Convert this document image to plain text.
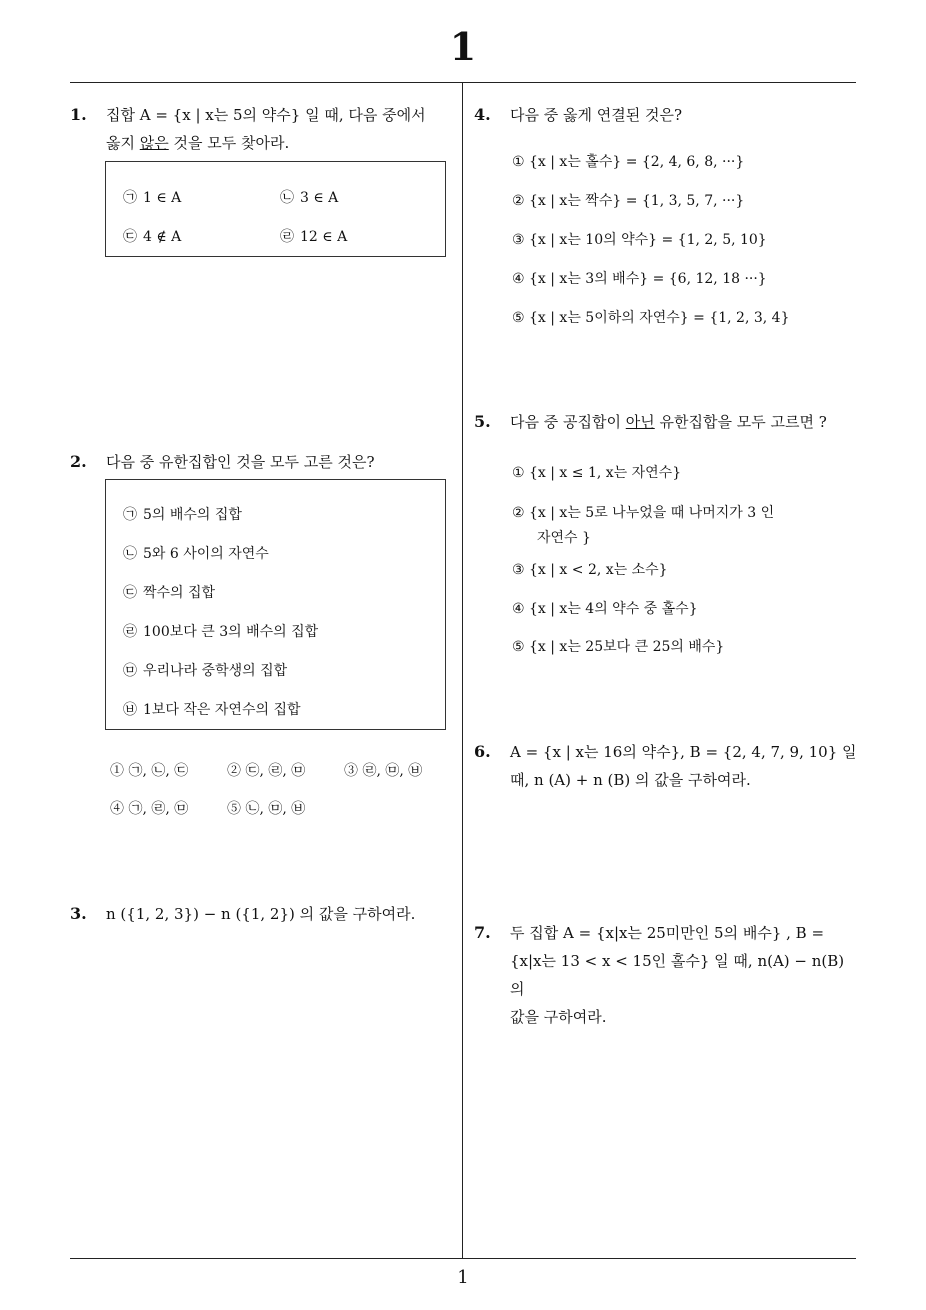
1
1
1. 집합 A = {x | x는 5의 약수} 일 때, 다음 중에서
옳지 않은 것을 모두 찾아라.
㉠ 1 ∈ A	㉡ 3 ∈ A
㉢ 4 ∉ A	㉣ 12 ∈ A
2. 다음 중 유한집합인 것을 모두 고른 것은?
㉠ 5의 배수의 집합
㉡ 5와 6 사이의 자연수
㉢ 짝수의 집합
㉣ 100보다 큰 3의 배수의 집합
㉤ 우리나라 중학생의 집합
㉥ 1보다 작은 자연수의 집합
① ㉠, ㉡, ㉢	② ㉢, ㉣, ㉤	③ ㉣, ㉤, ㉥
④ ㉠, ㉣, ㉤	⑤ ㉡, ㉤, ㉥
3. n ({1, 2, 3}) − n ({1, 2}) 의 값을 구하여라.
4. 다음 중 옳게 연결된 것은?
① {x | x는 홀수} = {2, 4, 6, 8, ···}
② {x | x는 짝수} = {1, 3, 5, 7, ···}
③ {x | x는 10의 약수} = {1, 2, 5, 10}
④ {x | x는 3의 배수} = {6, 12, 18 ···}
⑤ {x | x는 5이하의 자연수} = {1, 2, 3, 4}
5. 다음 중 공집합이 아닌 유한집합을 모두 고르면 ?
① {x | x ≤ 1, x는 자연수}
② {x | x는 5로 나누었을 때 나머지가 3 인
자연수 }
③ {x | x < 2, x는 소수}
④ {x | x는 4의 약수 중 홀수}
⑤ {x | x는 25보다 큰 25의 배수}
6. A = {x | x는 16의 약수}, B = {2, 4, 7, 9, 10} 일
때, n (A) + n (B) 의 값을 구하여라.
7. 두 집합 A = {x|x는 25미만인 5의 배수} , B =
{x|x는 13 < x < 15인 홀수} 일 때, n(A) − n(B) 의
값을 구하여라.
